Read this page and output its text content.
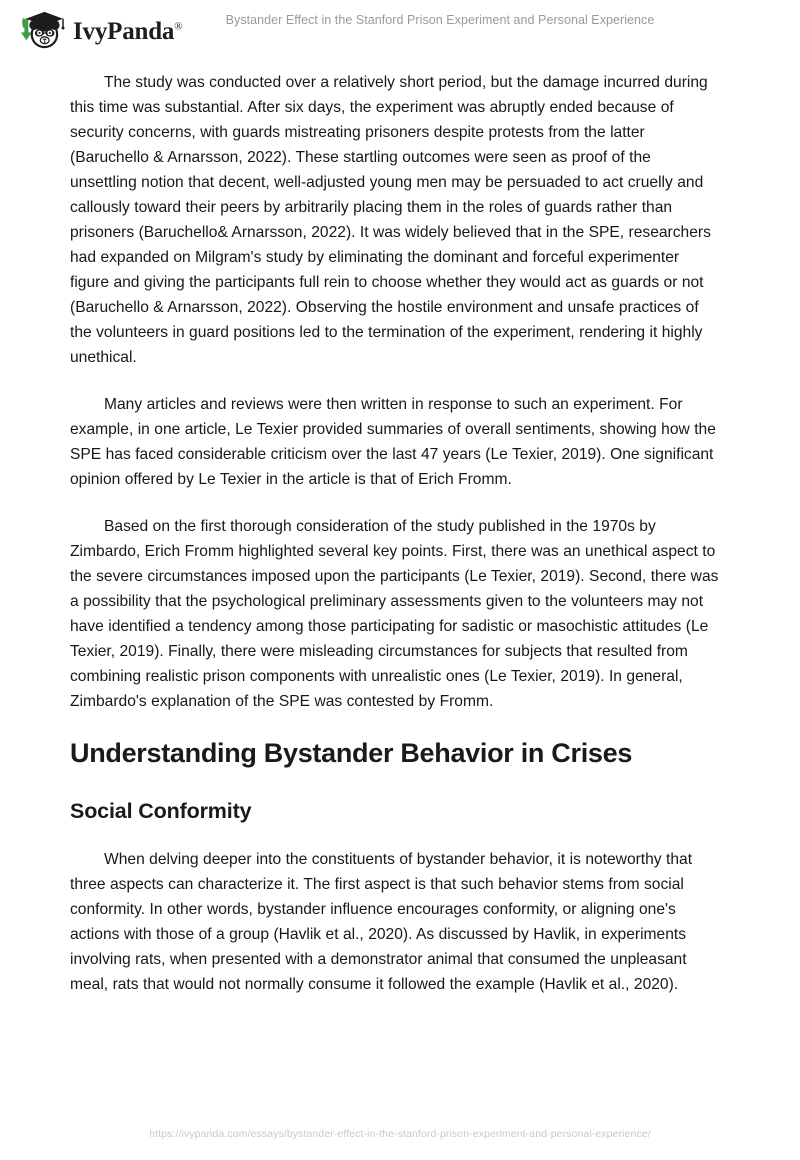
IvyPanda®	Bystander Effect in the Stanford Prison Experiment and Personal Experience

The study was conducted over a relatively short period, but the damage incurred during this time was substantial. After six days, the experiment was abruptly ended because of security concerns, with guards mistreating prisoners despite protests from the latter (Baruchello & Arnarsson, 2022). These startling outcomes were seen as proof of the unsettling notion that decent, well-adjusted young men may be persuaded to act cruelly and callously toward their peers by arbitrarily placing them in the roles of guards rather than prisoners (Baruchello& Arnarsson, 2022). It was widely believed that in the SPE, researchers had expanded on Milgram's study by eliminating the dominant and forceful experimenter figure and giving the participants full rein to choose whether they would act as guards or not (Baruchello & Arnarsson, 2022). Observing the hostile environment and unsafe practices of the volunteers in guard positions led to the termination of the experiment, rendering it highly unethical.

Many articles and reviews were then written in response to such an experiment. For example, in one article, Le Texier provided summaries of overall sentiments, showing how the SPE has faced considerable criticism over the last 47 years (Le Texier, 2019). One significant opinion offered by Le Texier in the article is that of Erich Fromm.

Based on the first thorough consideration of the study published in the 1970s by Zimbardo, Erich Fromm highlighted several key points. First, there was an unethical aspect to the severe circumstances imposed upon the participants (Le Texier, 2019). Second, there was a possibility that the psychological preliminary assessments given to the volunteers may not have identified a tendency among those participating for sadistic or masochistic attitudes (Le Texier, 2019). Finally, there were misleading circumstances for subjects that resulted from combining realistic prison components with unrealistic ones (Le Texier, 2019). In general, Zimbardo's explanation of the SPE was contested by Fromm.

Understanding Bystander Behavior in Crises
Social Conformity

When delving deeper into the constituents of bystander behavior, it is noteworthy that three aspects can characterize it. The first aspect is that such behavior stems from social conformity. In other words, bystander influence encourages conformity, or aligning one's actions with those of a group (Havlik et al., 2020). As discussed by Havlik, in experiments involving rats, when presented with a demonstrator animal that consumed the unpleasant meal, rats that would not normally consume it followed the example (Havlik et al., 2020).

https://ivypanda.com/essays/bystander-effect-in-the-stanford-prison-experiment-and-personal-experience/
